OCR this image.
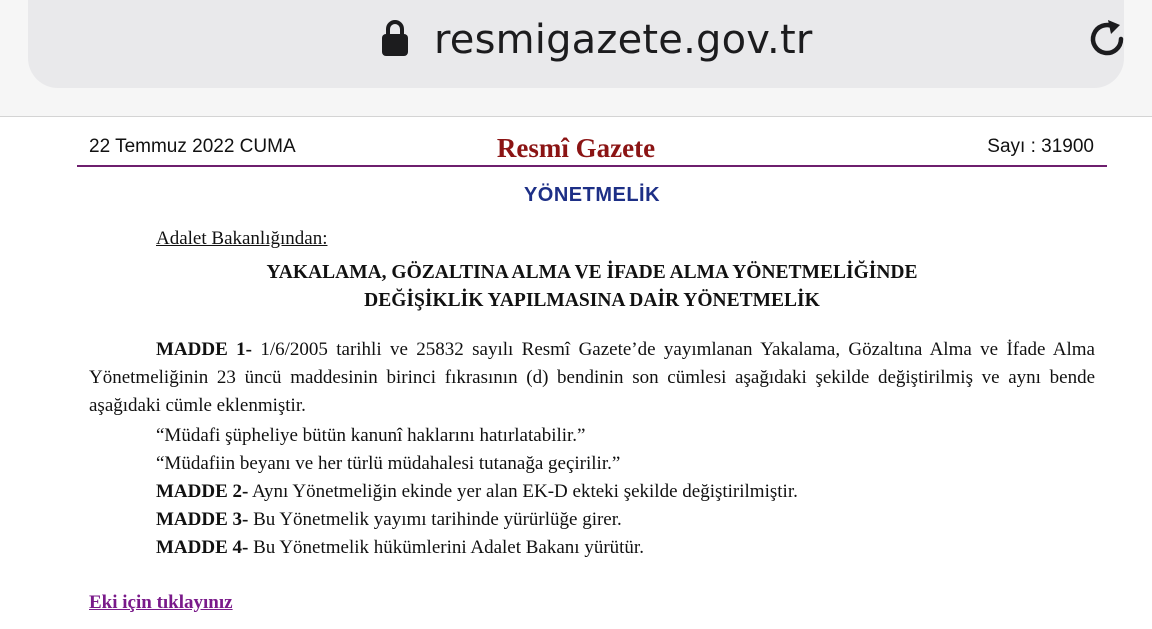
resmigazete.gov.tr
22 Temmuz 2022 CUMA	Resmî Gazete	Sayı : 31900
YÖNETMELİK
Adalet Bakanlığından:
YAKALAMA, GÖZALTINA ALMA VE İFADE ALMA YÖNETMELİĞİNDE
DEĞİŞİKLİK YAPILMASINA DAİR YÖNETMELİK
MADDE 1- 1/6/2005 tarihli ve 25832 sayılı Resmî Gazete’de yayımlanan Yakalama, Gözaltına Alma ve İfade Alma Yönetmeliğinin 23 üncü maddesinin birinci fıkrasının (d) bendinin son cümlesi aşağıdaki şekilde değiştirilmiş ve aynı bende aşağıdaki cümle eklenmiştir.
“Müdafi şüpheliye bütün kanunî haklarını hatırlatabilir.”
“Müdafiin beyanı ve her türlü müdahalesi tutanağa geçirilir.”
MADDE 2- Aynı Yönetmeliğin ekinde yer alan EK-D ekteki şekilde değiştirilmiştir.
MADDE 3- Bu Yönetmelik yayımı tarihinde yürürlüğe girer.
MADDE 4- Bu Yönetmelik hükümlerini Adalet Bakanı yürütür.
Eki için tıklayınız
